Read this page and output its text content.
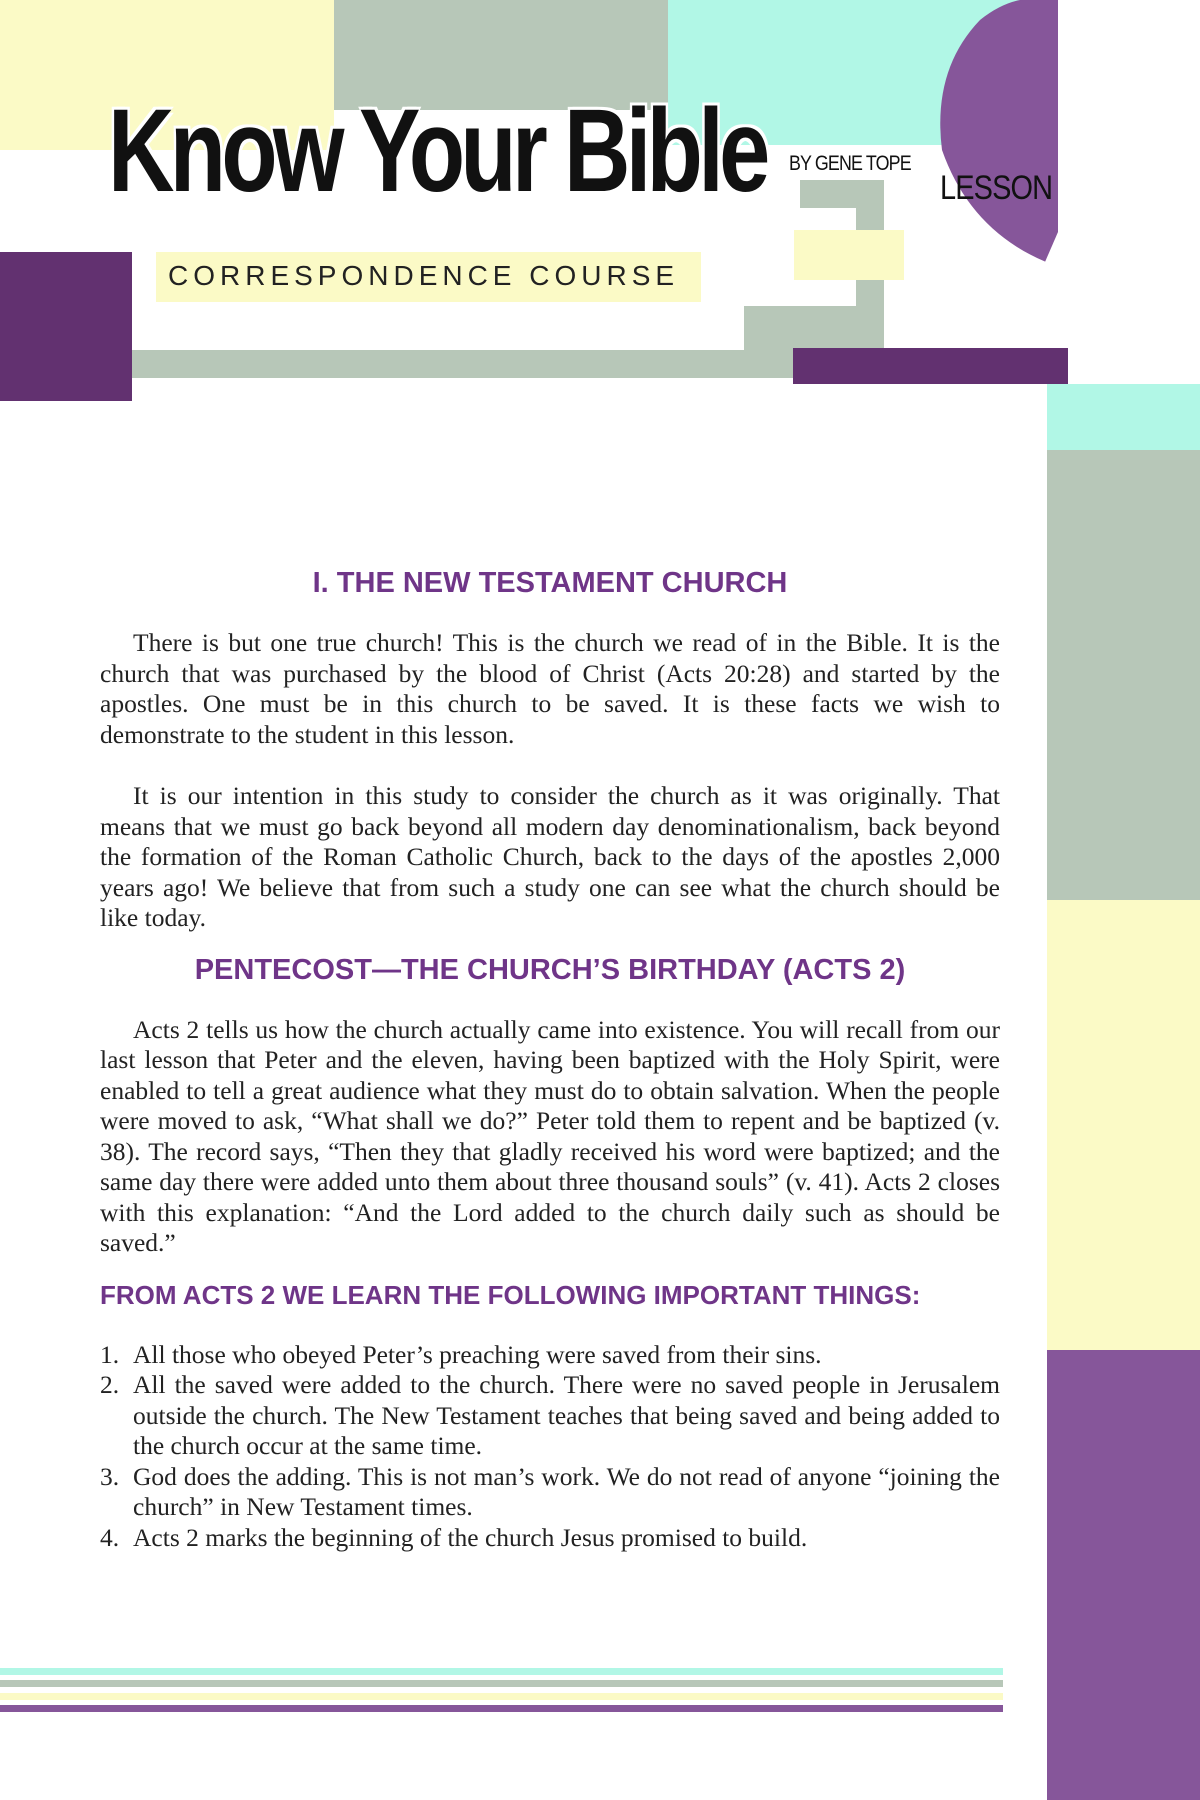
Know Your Bible BY GENE TOPE
LESSON
CORRESPONDENCE COURSE
I. THE NEW TESTAMENT CHURCH

There is but one true church! This is the church we read of in the Bible. It is the church that was purchased by the blood of Christ (Acts 20:28) and started by the apostles. One must be in this church to be saved. It is these facts we wish to demonstrate to the student in this lesson.

It is our intention in this study to consider the church as it was originally. That means that we must go back beyond all modern day denominationalism, back beyond the formation of the Roman Catholic Church, back to the days of the apostles 2,000 years ago! We believe that from such a study one can see what the church should be like today.

PENTECOST—THE CHURCH’S BIRTHDAY (ACTS 2)

Acts 2 tells us how the church actually came into existence. You will recall from our last lesson that Peter and the eleven, having been baptized with the Holy Spirit, were enabled to tell a great audience what they must do to obtain salvation. When the people were moved to ask, “What shall we do?” Peter told them to repent and be baptized (v. 38). The record says, “Then they that gladly received his word were baptized; and the same day there were added unto them about three thousand souls” (v. 41). Acts 2 closes with this explanation: “And the Lord added to the church daily such as should be saved.”

FROM ACTS 2 WE LEARN THE FOLLOWING IMPORTANT THINGS:
1. All those who obeyed Peter’s preaching were saved from their sins.
2. All the saved were added to the church. There were no saved people in Jerusalem outside the church. The New Testament teaches that being saved and being added to the church occur at the same time.
3. God does the adding. This is not man’s work. We do not read of anyone “joining the church” in New Testament times.
4. Acts 2 marks the beginning of the church Jesus promised to build.
